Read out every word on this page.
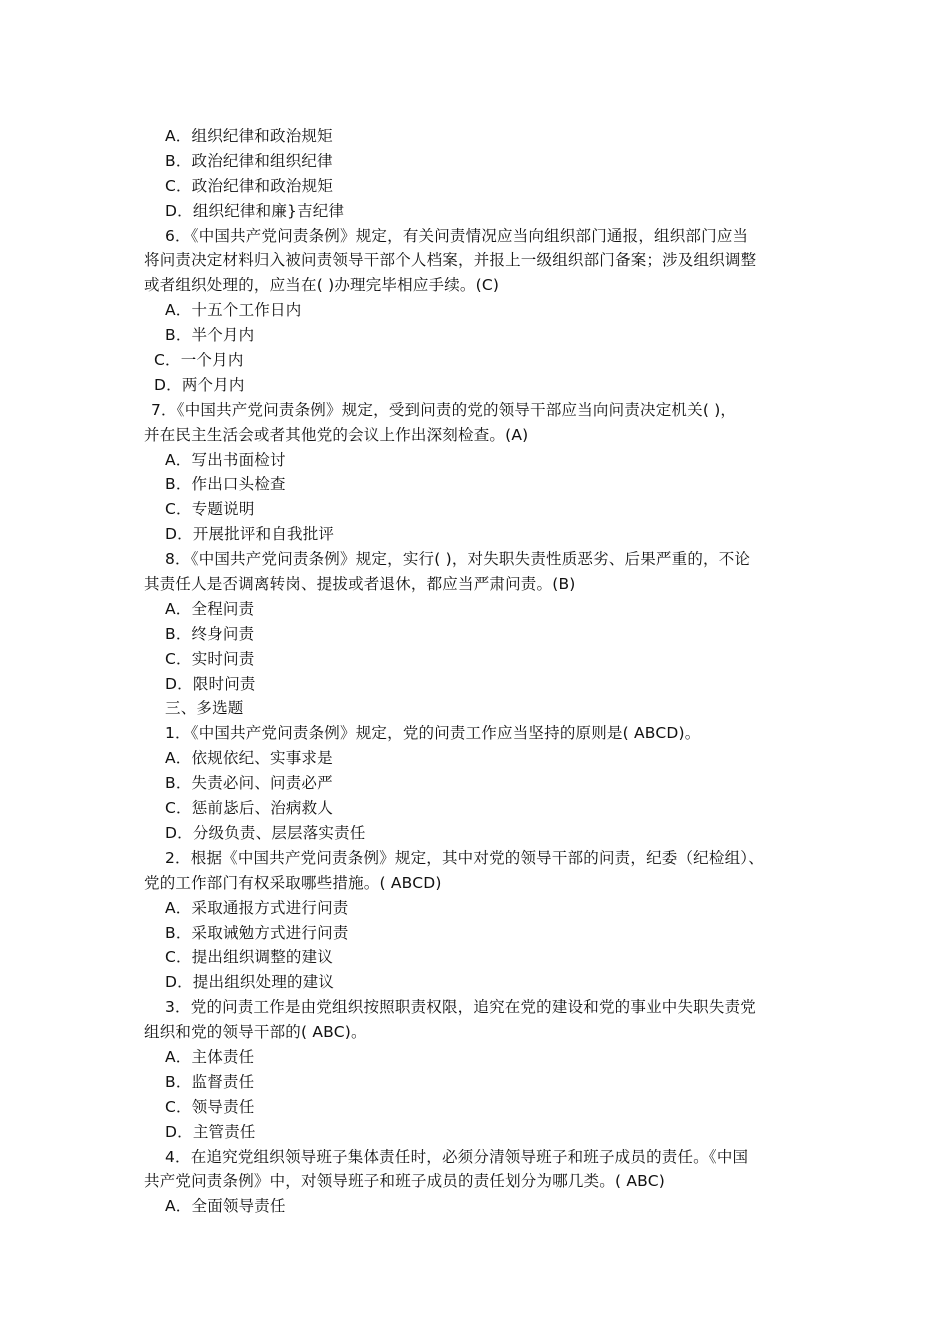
A．组织纪律和政治规矩
B．政治纪律和组织纪律
C．政治纪律和政治规矩
D．组织纪律和廉}吉纪律
6．《中国共产党问责条例》规定，有关问责情况应当向组织部门通报，组织部门应当
将问责决定材料归入被问责领导干部个人档案，并报上一级组织部门备案；涉及组织调整
或者组织处理的，应当在( )办理完毕相应手续。(C)
A．十五个工作日内
B．半个月内
C．一个月内
D．两个月内
7．《中国共产党问责条例》规定，受到问责的党的领导干部应当向问责决定机关( )，
并在民主生活会或者其他党的会议上作出深刻检查。(A)
A．写出书面检讨
B．作出口头检查
C．专题说明
D．开展批评和自我批评
8．《中国共产党问责条例》规定，实行( )，对失职失责性质恶劣、后果严重的，不论
其责任人是否调离转岗、提拔或者退休，都应当严肃问责。(B)
A．全程问责
B．终身问责
C．实时问责
D．限时问责
三、多选题
1．《中国共产党问责条例》规定，党的问责工作应当坚持的原则是( ABCD)。
A．依规依纪、实事求是
B．失责必问、问责必严
C．惩前毖后、治病救人
D．分级负责、层层落实责任
2．根据《中国共产党问责条例》规定，其中对党的领导干部的问责，纪委（纪检组）、
党的工作部门有权采取哪些措施。( ABCD)
A．采取通报方式进行问责
B．采取诫勉方式进行问责
C．提出组织调整的建议
D．提出组织处理的建议
3．党的问责工作是由党组织按照职责权限，追究在党的建设和党的事业中失职失责党
组织和党的领导干部的( ABC)。
A．主体责任
B．监督责任
C．领导责任
D．主管责任
4．在追究党组织领导班子集体责任时，必须分清领导班子和班子成员的责任。《中国
共产党问责条例》中，对领导班子和班子成员的责任划分为哪几类。( ABC)
A．全面领导责任
